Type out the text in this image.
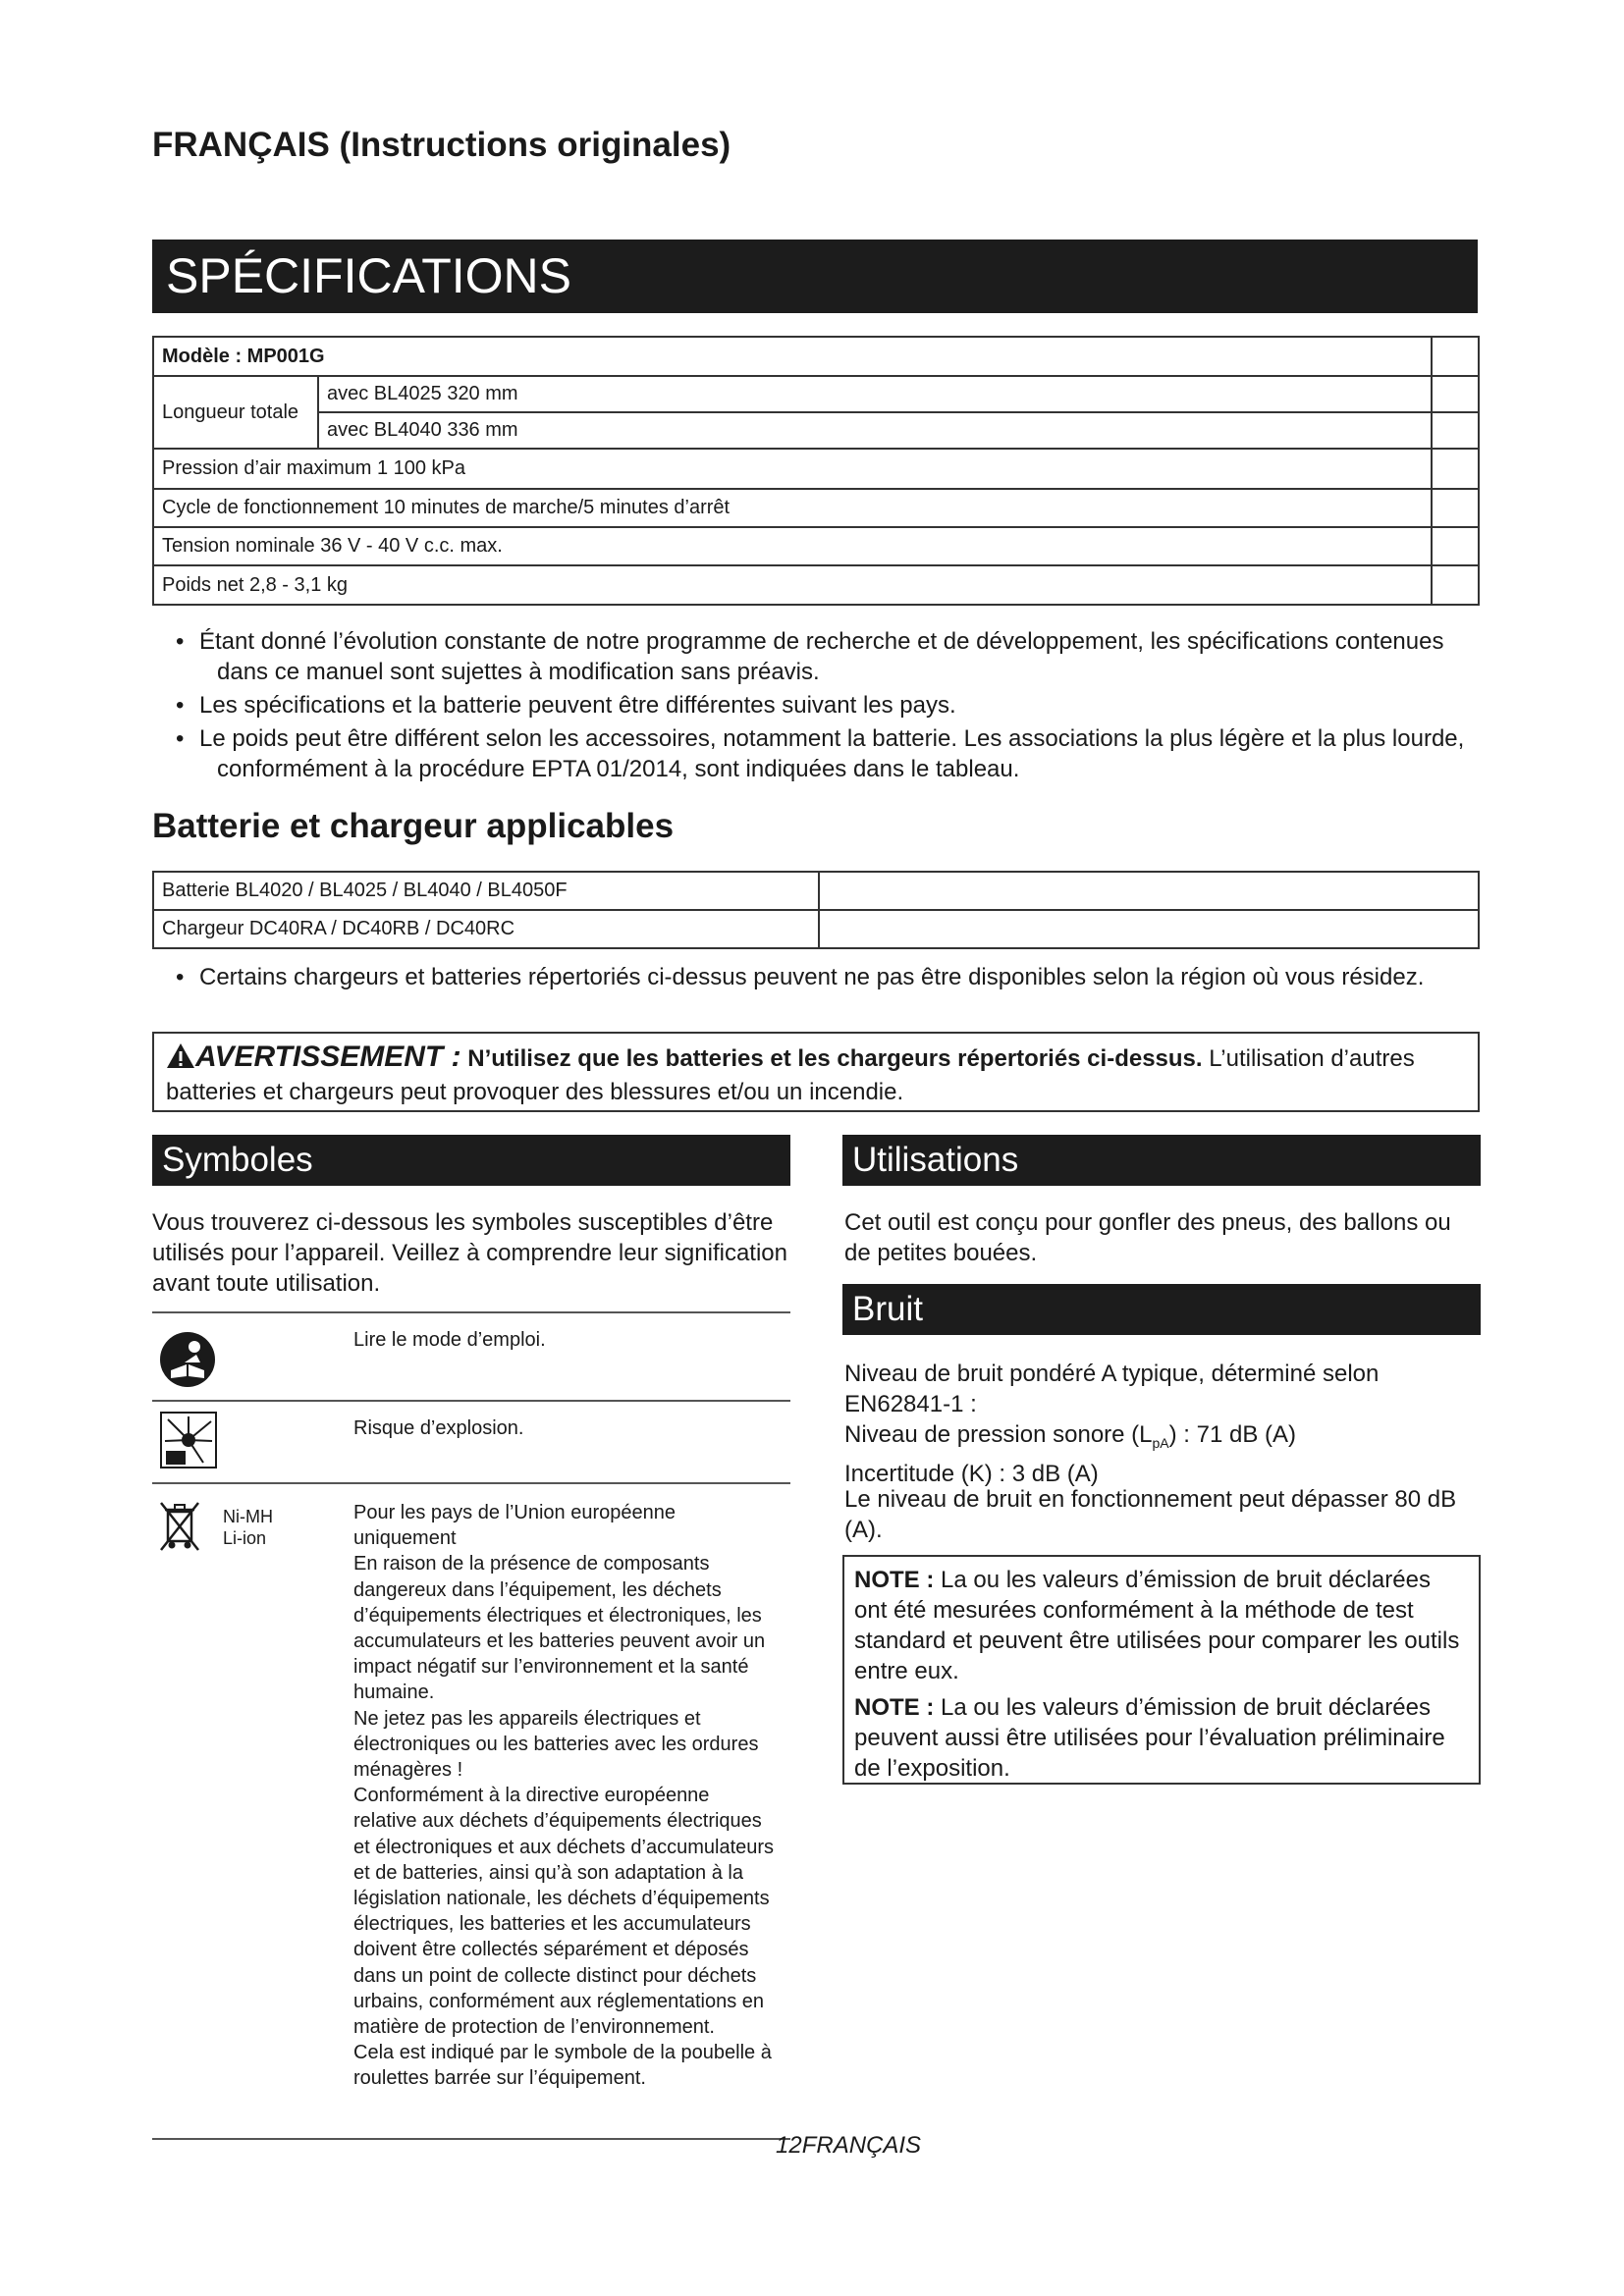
FRANÇAIS (Instructions originales)
SPÉCIFICATIONS
Modèle : MP001G		
Longueur totale	avec BL4025 320 mm	
	avec BL4040 336 mm	
Pression d’air maximum 1 100 kPa		
Cycle de fonctionnement 10 minutes de marche/5 minutes d’arrêt		
Tension nominale 36 V - 40 V c.c. max.		
Poids net 2,8 - 3,1 kg		
• Étant donné l’évolution constante de notre programme de recherche et de développement, les spécifications contenues dans ce manuel sont sujettes à modification sans préavis.
• Les spécifications et la batterie peuvent être différentes suivant les pays.
• Le poids peut être différent selon les accessoires, notamment la batterie. Les associations la plus légère et la plus lourde, conformément à la procédure EPTA 01/2014, sont indiquées dans le tableau.
Batterie et chargeur applicables
Batterie BL4020 / BL4025 / BL4040 / BL4050F	
Chargeur DC40RA / DC40RB / DC40RC	
• Certains chargeurs et batteries répertoriés ci-dessus peuvent ne pas être disponibles selon la région où vous résidez.
AVERTISSEMENT : N’utilisez que les batteries et les chargeurs répertoriés ci-dessus. L’utilisation d’autres batteries et chargeurs peut provoquer des blessures et/ou un incendie.
Symboles
Vous trouverez ci-dessous les symboles susceptibles d’être utilisés pour l’appareil. Veillez à comprendre leur signification avant toute utilisation.
Lire le mode d’emploi.
Risque d’explosion.
Ni-MH
Li-ion
Pour les pays de l’Union européenne uniquement
En raison de la présence de composants dangereux dans l’équipement, les déchets d’équipements électriques et électroniques, les accumulateurs et les batteries peuvent avoir un impact négatif sur l’environnement et la santé humaine.
Ne jetez pas les appareils électriques et électroniques ou les batteries avec les ordures ménagères !
Conformément à la directive européenne relative aux déchets d’équipements électriques et électroniques et aux déchets d’accumulateurs et de batteries, ainsi qu’à son adaptation à la législation nationale, les déchets d’équipements électriques, les batteries et les accumulateurs doivent être collectés séparément et déposés dans un point de collecte distinct pour déchets urbains, conformément aux réglementations en matière de protection de l’environnement.
Cela est indiqué par le symbole de la poubelle à roulettes barrée sur l’équipement.
Utilisations
Cet outil est conçu pour gonfler des pneus, des ballons ou de petites bouées.
Bruit
Niveau de bruit pondéré A typique, déterminé selon EN62841-1 :
Niveau de pression sonore $(L_{pA})$ : 71 dB (A)
Incertitude (K) : 3 dB (A)
Le niveau de bruit en fonctionnement peut dépasser 80 dB (A).
NOTE : La ou les valeurs d’émission de bruit déclarées ont été mesurées conformément à la méthode de test standard et peuvent être utilisées pour comparer les outils entre eux.
NOTE : La ou les valeurs d’émission de bruit déclarées peuvent aussi être utilisées pour l’évaluation préliminaire de l’exposition.
12FRANÇAIS
